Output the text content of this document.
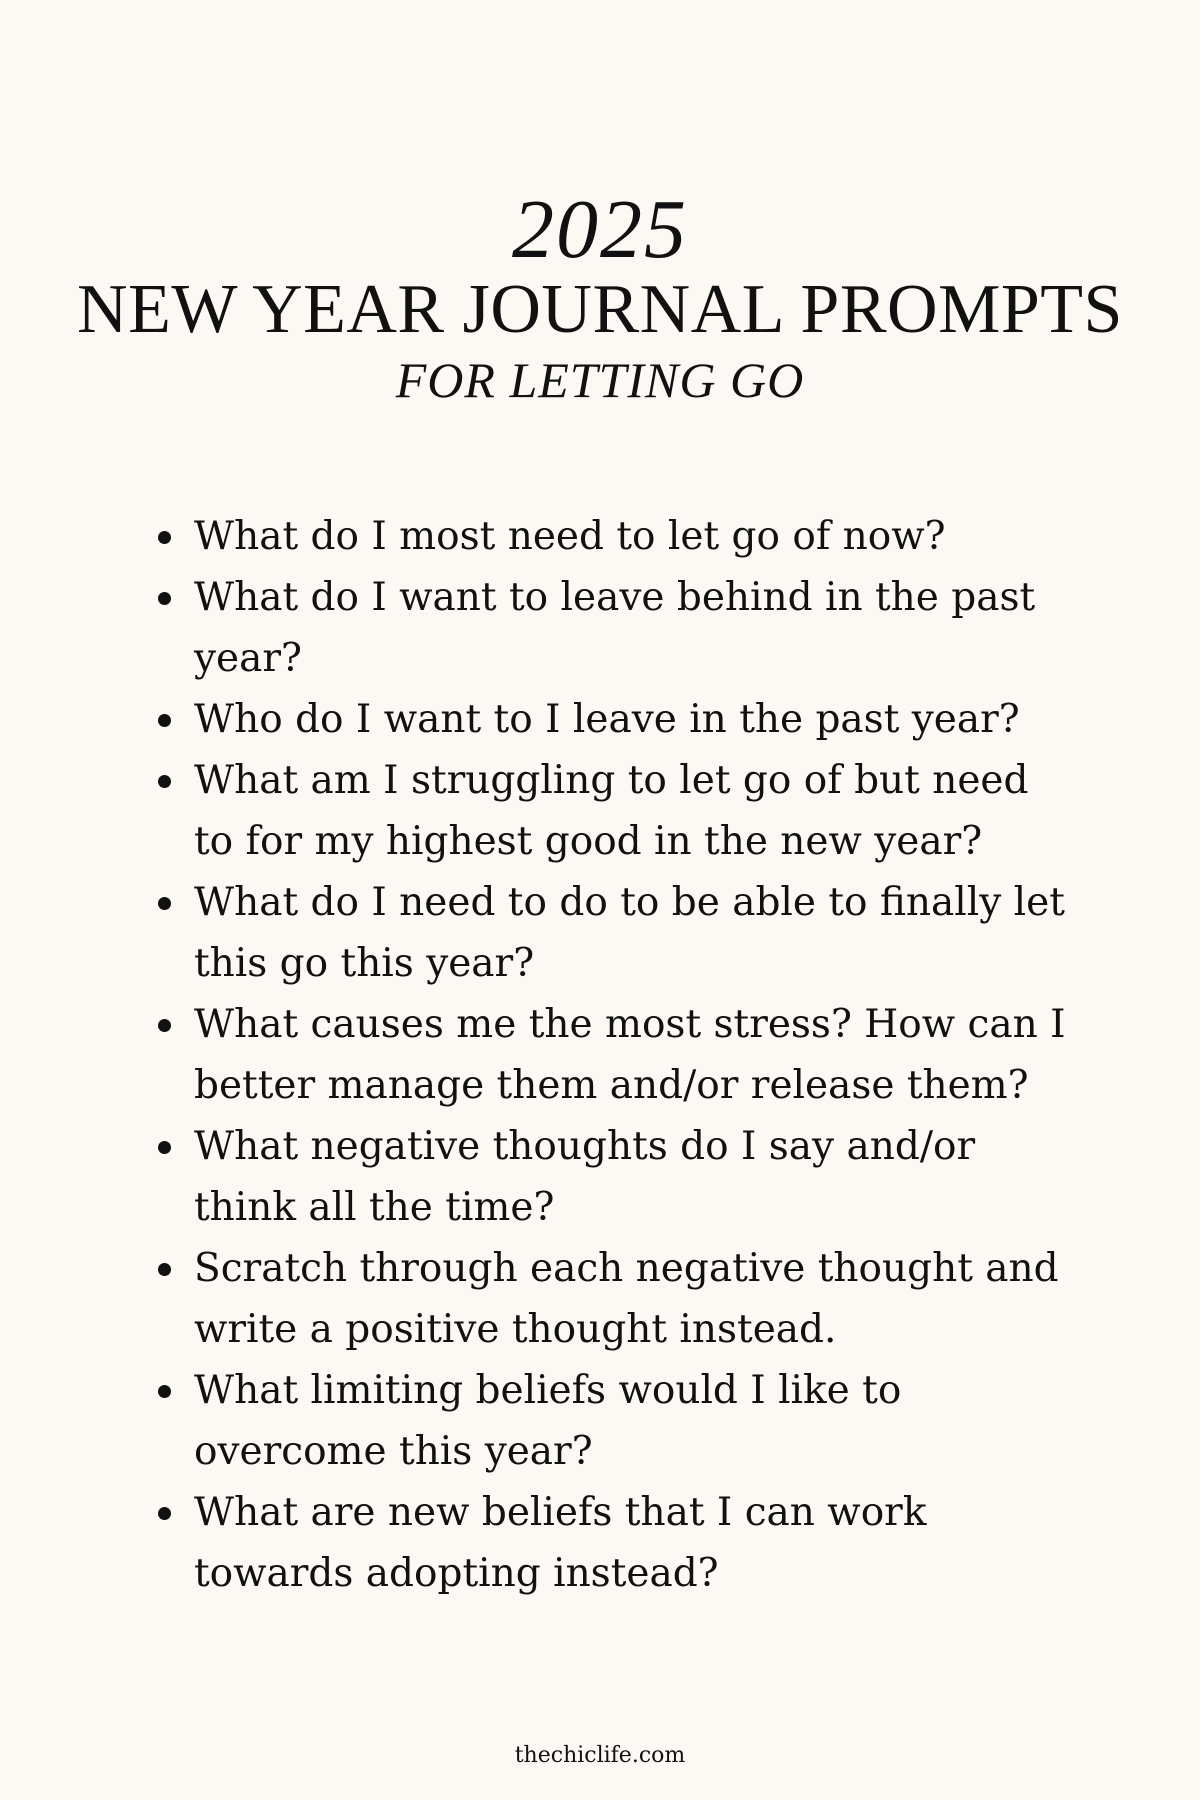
2025
NEW YEAR JOURNAL PROMPTS
FOR LETTING GO
What do I most need to let go of now?
What do I want to leave behind in the past year?
Who do I want to I leave in the past year?
What am I struggling to let go of but need to for my highest good in the new year?
What do I need to do to be able to finally let this go this year?
What causes me the most stress? How can I better manage them and/or release them?
What negative thoughts do I say and/or think all the time?
Scratch through each negative thought and write a positive thought instead.
What limiting beliefs would I like to overcome this year?
What are new beliefs that I can work towards adopting instead?
thechiclife.com
